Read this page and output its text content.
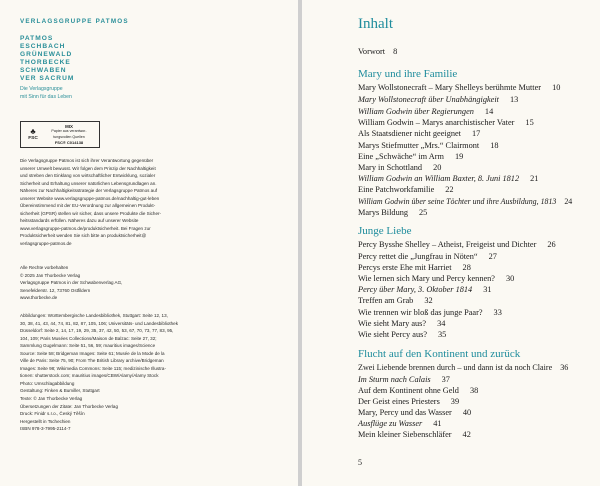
VERLAGSGRUPPE PATMOS
PATMOS
ESCHBACH
GRÜNEWALD
THORBECKE
SCHWABEN
VER SACRUM
Die Verlagsgruppe
mit Sinn für das Leben
♣
FSC
MIX
Papier aus verantwor-
tungsvollen Quellen
FSC® C014138
Die Verlagsgruppe Patmos ist sich ihrer Verantwortung gegenüber
unserer Umwelt bewusst. Wir folgen dem Prinzip der Nachhaltigkeit
und streben den Einklang von wirtschaftlicher Entwicklung, sozialer
Sicherheit und Erhaltung unserer natürlichen Lebensgrundlagen an.
Näheres zur Nachhaltigkeitsstrategie der Verlagsgruppe Patmos auf
unserer Website www.verlagsgruppe-patmos.de/nachhaltig-gut-leben
Übereinstimmend mit der EU-Verordnung zur allgemeinen Produkt-
sicherheit (GPSR) stellen wir sicher, dass unsere Produkte die Sicher-
heitsstandards erfüllen. Näheres dazu auf unserer Website
www.verlagsgruppe-patmos.de/produktsicherheit. Bei Fragen zur
Produktsicherheit wenden Sie sich bitte an produktsicherheit@
verlagsgruppe-patmos.de
Alle Rechte vorbehalten
© 2025 Jan Thorbecke Verlag
Verlagsgruppe Patmos in der Schwabenverlag AG,
Senefelderstr. 12, 73760 Ostfildern
www.thorbecke.de
Abbildungen: Württembergische Landesbibliothek, Stuttgart: Seite 12, 13,
30, 38, 41, 43, 44, 74, 81, 82, 87, 105, 106; Universitäts- und Landesbibliothek
Düsseldorf: Seite 2, 14, 17, 19, 29, 35, 37, 42, 50, 53, 67, 70, 73, 77, 83, 95,
104, 109; Paris Musées Collections/Maison de Balzac: Seite 27, 32;
Sammlung Gugelmann: Seite 51, 56, 59; mauritius images/Science
Source: Seite 58; Bridgeman Images: Seite 61; Musée de la Mode de la
Ville de Paris: Seite 75, 90; From The British Library archive/Bridgeman
Images: Seite 98; Wikimedia Commons: Seite 115; medizinische Illustra-
tionen: shutterstock.com; mauritius images/CBW/Alamy/Alamy Stock
Photo: Umschlagabbildung
Gestaltung: Finken & Bumiller, Stuttgart
Texte: © Jan Thorbecke Verlag
Übersetzungen der Zitate: Jan Thorbecke Verlag
Druck: Finidr s.r.o., Český Těšín
Hergestellt in Tschechien
ISBN 978-3-7995-2114-7
Inhalt
Vorwort 8
Mary und ihre Familie
Mary Wollstonecraft – Mary Shelleys berühmte Mutter 10
Mary Wollstonecraft über Unabhängigkeit 13
William Godwin über Regierungen 14
William Godwin – Marys anarchistischer Vater 15
Als Staatsdiener nicht geeignet 17
Marys Stiefmutter „Mrs.“ Clairmont 18
Eine „Schwäche“ im Arm 19
Mary in Schottland 20
William Godwin an William Baxter, 8. Juni 1812 21
Eine Patchworkfamilie 22
William Godwin über seine Töchter und ihre Ausbildung, 1813 24
Marys Bildung 25
Junge Liebe
Percy Bysshe Shelley – Atheist, Freigeist und Dichter 26
Percy rettet die „Jungfrau in Nöten“ 27
Percys erste Ehe mit Harriet 28
Wie lernen sich Mary und Percy kennen? 30
Percy über Mary, 3. Oktober 1814 31
Treffen am Grab 32
Wie trennen wir bloß das junge Paar? 33
Wie sieht Mary aus? 34
Wie sieht Percy aus? 35
Flucht auf den Kontinent und zurück
Zwei Liebende brennen durch – und dann ist da noch Claire 36
Im Sturm nach Calais 37
Auf dem Kontinent ohne Geld 38
Der Geist eines Priesters 39
Mary, Percy und das Wasser 40
Ausflüge zu Wasser 41
Mein kleiner Siebenschläfer 42
5
